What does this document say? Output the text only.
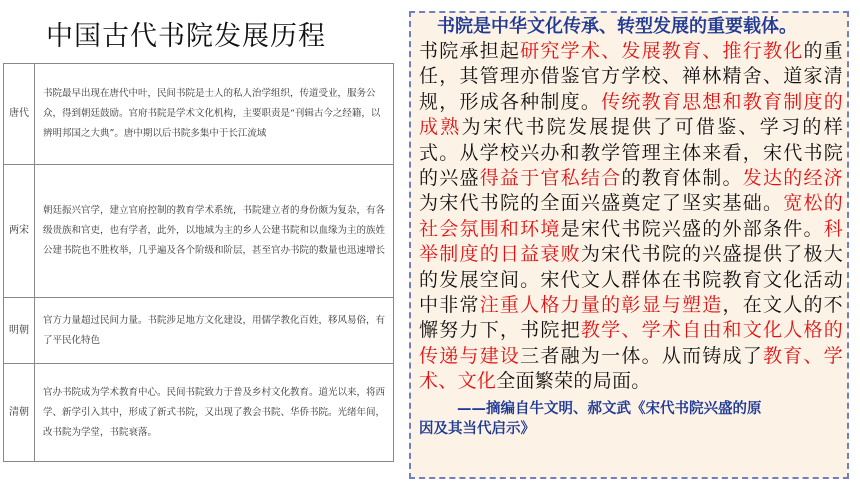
中国古代书院发展历程
唐代	书院最早出现在唐代中叶，民间书院是士人的私人治学组织，传道受业，服务公众，得到朝廷鼓励。官府书院是学术文化机构，主要职责是“刊辑古今之经籍，以辨明邦国之大典”。唐中期以后书院多集中于长江流域
两宋	朝廷振兴官学，建立官府控制的教育学术系统，书院建立者的身份颇为复杂，有各级贵族和官吏，也有学者，此外，以地域为主的乡人公建书院和以血缘为主的族姓公建书院也不胜枚举，几乎遍及各个阶级和阶层，甚至官办书院的数量也迅速增长
明朝	官方力量超过民间力量。书院涉足地方文化建设，用儒学教化百姓，移风易俗，有了平民化特色
清朝	官办书院成为学术教育中心。民间书院致力于普及乡村文化教育。道光以来，将西学、新学引入其中，形成了新式书院，又出现了教会书院、华侨书院。光绪年间，改书院为学堂，书院衰落。
书院是中华文化传承、转型发展的重要载体。
书院承担起研究学术、发展教育、推行教化的重任，其管理亦借鉴官方学校、禅林精舍、道家清规，形成各种制度。传统教育思想和教育制度的成熟为宋代书院发展提供了可借鉴、学习的样式。从学校兴办和教学管理主体来看，宋代书院的兴盛得益于官私结合的教育体制。发达的经济为宋代书院的全面兴盛奠定了坚实基础。宽松的社会氛围和环境是宋代书院兴盛的外部条件。科举制度的日益衰败为宋代书院的兴盛提供了极大的发展空间。宋代文人群体在书院教育文化活动中非常注重人格力量的彰显与塑造，在文人的不懈努力下，书院把教学、学术自由和文化人格的传递与建设三者融为一体。从而铸成了教育、学术、文化全面繁荣的局面。
——摘编自牛文明、郝文武《宋代书院兴盛的原
因及其当代启示》
